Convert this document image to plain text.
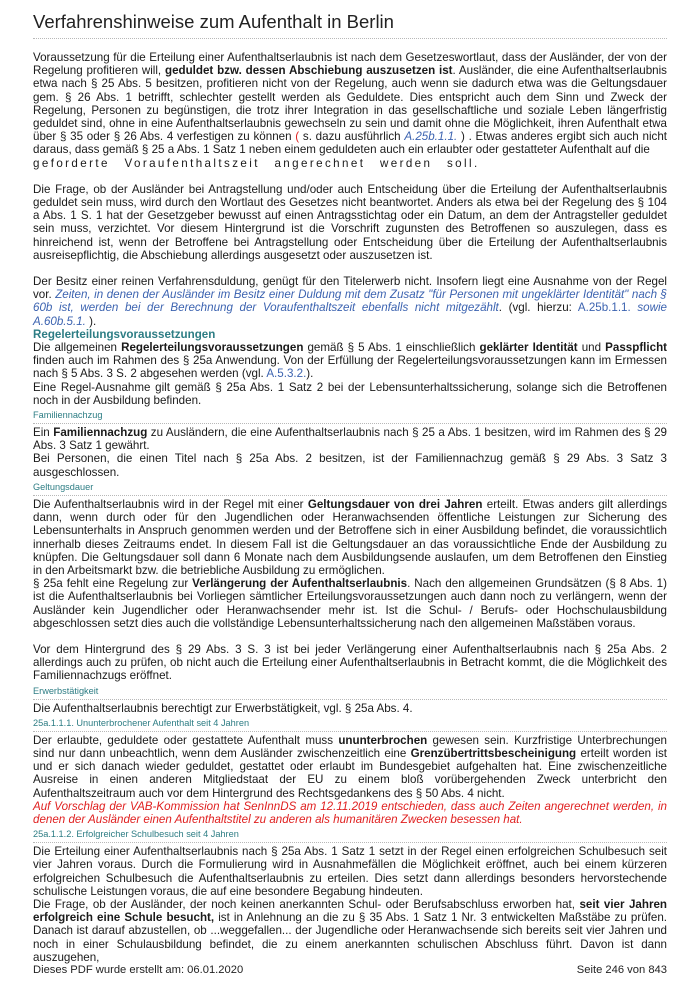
Verfahrenshinweise zum Aufenthalt in Berlin

Voraussetzung für die Erteilung einer Aufenthaltserlaubnis ist nach dem Gesetzeswortlaut, dass der Ausländer, der von der Regelung profitieren will, geduldet bzw. dessen Abschiebung auszusetzen ist. Ausländer, die eine Aufenthaltserlaubnis etwa nach § 25 Abs. 5 besitzen, profitieren nicht von der Regelung, auch wenn sie dadurch etwa was die Geltungsdauer gem. § 26 Abs. 1 betrifft, schlechter gestellt werden als Geduldete. Dies entspricht auch dem Sinn und Zweck der Regelung, Personen zu begünstigen, die trotz ihrer Integration in das gesellschaftliche und soziale Leben längerfristig geduldet sind, ohne in eine Aufenthaltserlaubnis gewechseln zu sein und damit ohne die Möglichkeit, ihren Aufenthalt etwa über § 35 oder § 26 Abs. 4 verfestigen zu können ( s. dazu ausführlich A.25b.1.1. ) . Etwas anderes ergibt sich auch nicht daraus, dass gemäß § 25 a Abs. 1 Satz 1 neben einem geduldeten auch ein erlaubter oder gestatteter Aufenthalt auf die
geforderte Voraufenthaltszeit angerechnet werden soll.

Die Frage, ob der Ausländer bei Antragstellung und/oder auch Entscheidung über die Erteilung der Aufenthaltserlaubnis geduldet sein muss, wird durch den Wortlaut des Gesetzes nicht beantwortet. Anders als etwa bei der Regelung des § 104 a Abs. 1 S. 1 hat der Gesetzgeber bewusst auf einen Antragsstichtag oder ein Datum, an dem der Antragsteller geduldet sein muss, verzichtet. Vor diesem Hintergrund ist die Vorschrift zugunsten des Betroffenen so auszulegen, dass es hinreichend ist, wenn der Betroffene bei Antragstellung oder Entscheidung über die Erteilung der Aufenthaltserlaubnis ausreisepflichtig, die Abschiebung allerdings ausgesetzt oder auszusetzen ist.

Der Besitz einer reinen Verfahrensduldung, genügt für den Titelerwerb nicht. Insofern liegt eine Ausnahme von der Regel vor. Zeiten, in denen der Ausländer im Besitz einer Duldung mit dem Zusatz "für Personen mit ungeklärter Identität" nach § 60b ist, werden bei der Berechnung der Voraufenthaltszeit ebenfalls nicht mitgezählt. (vgl. hierzu: A.25b.1.1. sowie A.60b.5.1. ).

Regelerteilungsvoraussetzungen

Die allgemeinen Regelerteilungsvoraussetzungen gemäß § 5 Abs. 1 einschließlich geklärter Identität und Passpflicht finden auch im Rahmen des § 25a Anwendung. Von der Erfüllung der Regelerteilungsvoraussetzungen kann im Ermessen nach § 5 Abs. 3 S. 2 abgesehen werden (vgl. A.5.3.2.).

Eine Regel-Ausnahme gilt gemäß § 25a Abs. 1 Satz 2 bei der Lebensunterhaltssicherung, solange sich die Betroffenen noch in der Ausbildung befinden.

Familiennachzug

Ein Familiennachzug zu Ausländern, die eine Aufenthaltserlaubnis nach § 25 a Abs. 1 besitzen, wird im Rahmen des § 29 Abs. 3 Satz 1 gewährt.

Bei Personen, die einen Titel nach § 25a Abs. 2 besitzen, ist der Familiennachzug gemäß § 29 Abs. 3 Satz 3 ausgeschlossen.

Geltungsdauer

Die Aufenthaltserlaubnis wird in der Regel mit einer Geltungsdauer von drei Jahren erteilt. Etwas anders gilt allerdings dann, wenn durch oder für den Jugendlichen oder Heranwachsenden öffentliche Leistungen zur Sicherung des Lebensunterhalts in Anspruch genommen werden und der Betroffene sich in einer Ausbildung befindet, die voraussichtlich innerhalb dieses Zeitraums endet. In diesem Fall ist die Geltungsdauer an das voraussichtliche Ende der Ausbildung zu knüpfen. Die Geltungsdauer soll dann 6 Monate nach dem Ausbildungsende auslaufen, um dem Betroffenen den Einstieg in den Arbeitsmarkt bzw. die betriebliche Ausbildung zu ermöglichen.

§ 25a fehlt eine Regelung zur Verlängerung der Aufenthaltserlaubnis. Nach den allgemeinen Grundsätzen (§ 8 Abs. 1) ist die Aufenthaltserlaubnis bei Vorliegen sämtlicher Erteilungsvoraussetzungen auch dann noch zu verlängern, wenn der Ausländer kein Jugendlicher oder Heranwachsender mehr ist. Ist die Schul- / Berufs- oder Hochschulausbildung abgeschlossen setzt dies auch die vollständige Lebensunterhaltssicherung nach den allgemeinen Maßstäben voraus.

Vor dem Hintergrund des § 29 Abs. 3 S. 3 ist bei jeder Verlängerung einer Aufenthaltserlaubnis nach § 25a Abs. 2 allerdings auch zu prüfen, ob nicht auch die Erteilung einer Aufenthaltserlaubnis in Betracht kommt, die die Möglichkeit des Familiennachzugs eröffnet.

Erwerbstätigkeit

Die Aufenthaltserlaubnis berechtigt zur Erwerbstätigkeit, vgl. § 25a Abs. 4.

25a.1.1.1. Ununterbrochener Aufenthalt seit 4 Jahren

Der erlaubte, geduldete oder gestattete Aufenthalt muss ununterbrochen gewesen sein. Kurzfristige Unterbrechungen sind nur dann unbeachtlich, wenn dem Ausländer zwischenzeitlich eine Grenzübertrittsbescheinigung erteilt worden ist und er sich danach wieder geduldet, gestattet oder erlaubt im Bundesgebiet aufgehalten hat. Eine zwischenzeitliche Ausreise in einen anderen Mitgliedstaat der EU zu einem bloß vorübergehenden Zweck unterbricht den Aufenthaltszeitraum auch vor dem Hintergrund des Rechtsgedankens des § 50 Abs. 4 nicht.

Auf Vorschlag der VAB-Kommission hat SenInnDS am 12.11.2019 entschieden, dass auch Zeiten angerechnet werden, in denen der Ausländer einen Aufenthaltstitel zu anderen als humanitären Zwecken besessen hat.

25a.1.1.2. Erfolgreicher Schulbesuch seit 4 Jahren

Die Erteilung einer Aufenthaltserlaubnis nach § 25a Abs. 1 Satz 1 setzt in der Regel einen erfolgreichen Schulbesuch seit vier Jahren voraus. Durch die Formulierung wird in Ausnahmefällen die Möglichkeit eröffnet, auch bei einem kürzeren erfolgreichen Schulbesuch die Aufenthaltserlaubnis zu erteilen. Dies setzt dann allerdings besonders hervorstechende schulische Leistungen voraus, die auf eine besondere Begabung hindeuten.

Die Frage, ob der Ausländer, der noch keinen anerkannten Schul- oder Berufsabschluss erworben hat, seit vier Jahren erfolgreich eine Schule besucht, ist in Anlehnung an die zu § 35 Abs. 1 Satz 1 Nr. 3 entwickelten Maßstäbe zu prüfen. Danach ist darauf abzustellen, ob ...weggefallen... der Jugendliche oder Heranwachsende sich bereits seit vier Jahren und noch in einer Schulausbildung befindet, die zu einem anerkannten schulischen Abschluss führt. Davon ist dann auszugehen,

Dieses PDF wurde erstellt am: 06.01.2020	Seite 246 von 843
